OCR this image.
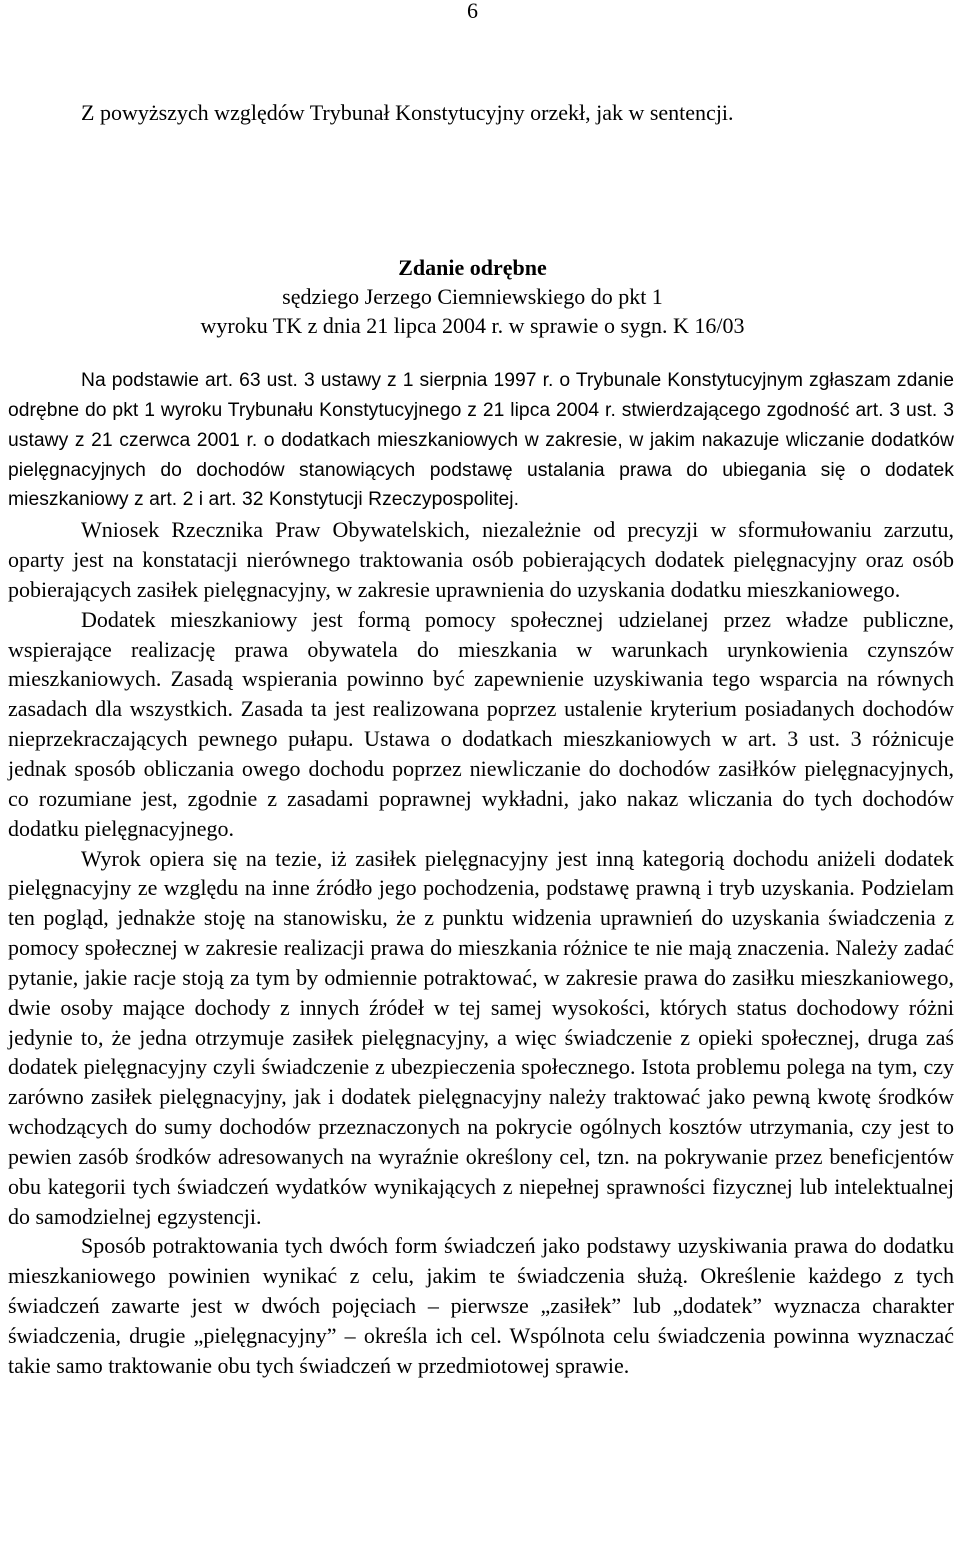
6
Z powyższych względów Trybunał Konstytucyjny orzekł, jak w sentencji.
Zdanie odrębne
sędziego Jerzego Ciemniewskiego do pkt 1
wyroku TK z dnia 21 lipca 2004 r. w sprawie o sygn. K 16/03

Na podstawie art. 63 ust. 3 ustawy z 1 sierpnia 1997 r. o Trybunale Konstytucyjnym zgłaszam zdanie odrębne do pkt 1 wyroku Trybunału Konstytucyjnego z 21 lipca 2004 r. stwierdzającego zgodność art. 3 ust. 3 ustawy z 21 czerwca 2001 r. o dodatkach mieszkaniowych w zakresie, w jakim nakazuje wliczanie dodatków pielęgnacyjnych do dochodów stanowiących podstawę ustalania prawa do ubiegania się o dodatek mieszkaniowy z art. 2 i art. 32 Konstytucji Rzeczypospolitej.

Wniosek Rzecznika Praw Obywatelskich, niezależnie od precyzji w sformułowaniu zarzutu, oparty jest na konstatacji nierównego traktowania osób pobierających dodatek pielęgnacyjny oraz osób pobierających zasiłek pielęgnacyjny, w zakresie uprawnienia do uzyskania dodatku mieszkaniowego.

Dodatek mieszkaniowy jest formą pomocy społecznej udzielanej przez władze publiczne, wspierające realizację prawa obywatela do mieszkania w warunkach urynkowienia czynszów mieszkaniowych. Zasadą wspierania powinno być zapewnienie uzyskiwania tego wsparcia na równych zasadach dla wszystkich. Zasada ta jest realizowana poprzez ustalenie kryterium posiadanych dochodów nieprzekraczających pewnego pułapu. Ustawa o dodatkach mieszkaniowych w art. 3 ust. 3 różnicuje jednak sposób obliczania owego dochodu poprzez niewliczanie do dochodów zasiłków pielęgnacyjnych, co rozumiane jest, zgodnie z zasadami poprawnej wykładni, jako nakaz wliczania do tych dochodów dodatku pielęgnacyjnego.

Wyrok opiera się na tezie, iż zasiłek pielęgnacyjny jest inną kategorią dochodu aniżeli dodatek pielęgnacyjny ze względu na inne źródło jego pochodzenia, podstawę prawną i tryb uzyskania. Podzielam ten pogląd, jednakże stoję na stanowisku, że z punktu widzenia uprawnień do uzyskania świadczenia z pomocy społecznej w zakresie realizacji prawa do mieszkania różnice te nie mają znaczenia. Należy zadać pytanie, jakie racje stoją za tym by odmiennie potraktować, w zakresie prawa do zasiłku mieszkaniowego, dwie osoby mające dochody z innych źródeł w tej samej wysokości, których status dochodowy różni jedynie to, że jedna otrzymuje zasiłek pielęgnacyjny, a więc świadczenie z opieki społecznej, druga zaś dodatek pielęgnacyjny czyli świadczenie z ubezpieczenia społecznego. Istota problemu polega na tym, czy zarówno zasiłek pielęgnacyjny, jak i dodatek pielęgnacyjny należy traktować jako pewną kwotę środków wchodzących do sumy dochodów przeznaczonych na pokrycie ogólnych kosztów utrzymania, czy jest to pewien zasób środków adresowanych na wyraźnie określony cel, tzn. na pokrywanie przez beneficjentów obu kategorii tych świadczeń wydatków wynikających z niepełnej sprawności fizycznej lub intelektualnej do samodzielnej egzystencji.

Sposób potraktowania tych dwóch form świadczeń jako podstawy uzyskiwania prawa do dodatku mieszkaniowego powinien wynikać z celu, jakim te świadczenia służą. Określenie każdego z tych świadczeń zawarte jest w dwóch pojęciach – pierwsze „zasiłek” lub „dodatek” wyznacza charakter świadczenia, drugie „pielęgnacyjny” – określa ich cel. Wspólnota celu świadczenia powinna wyznaczać takie samo traktowanie obu tych świadczeń w przedmiotowej sprawie.
